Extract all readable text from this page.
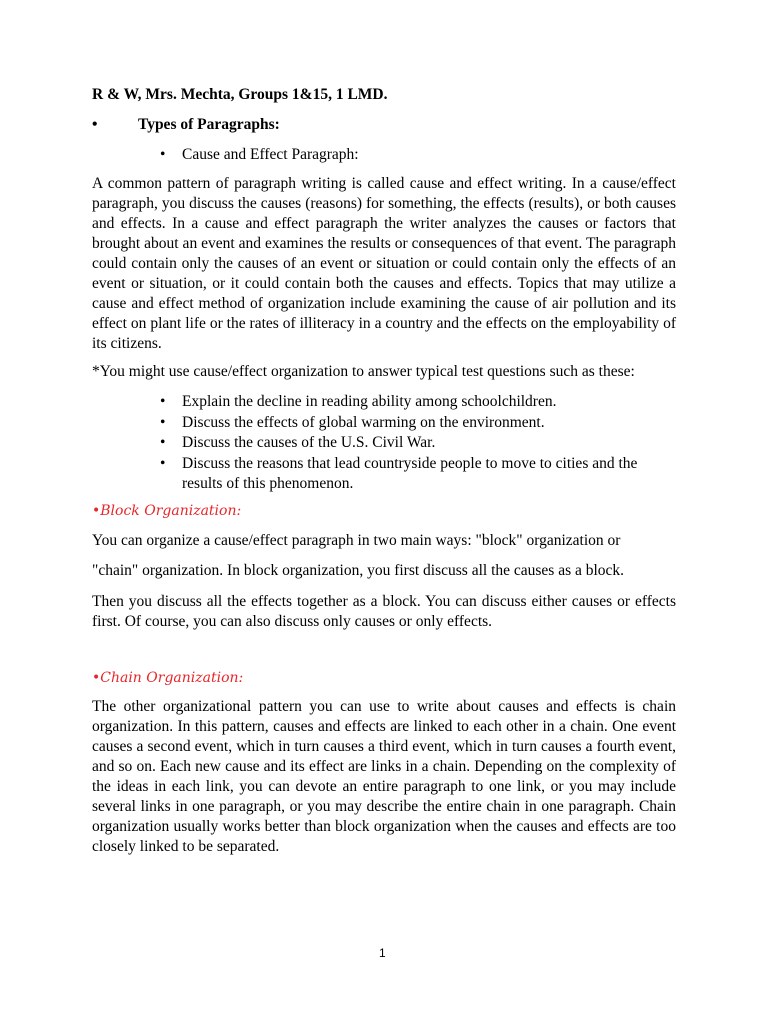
R & W, Mrs. Mechta, Groups 1&15, 1 LMD.
•	Types of Paragraphs:
• Cause and Effect Paragraph:

A common pattern of paragraph writing is called cause and effect writing. In a cause/effect paragraph, you discuss the causes (reasons) for something, the effects (results), or both causes and effects. In a cause and effect paragraph the writer analyzes the causes or factors that brought about an event and examines the results or consequences of that event. The paragraph could contain only the causes of an event or situation or could contain only the effects of an event or situation, or it could contain both the causes and effects. Topics that may utilize a cause and effect method of organization include examining the cause of air pollution and its effect on plant life or the rates of illiteracy in a country and the effects on the employability of its citizens.

*You might use cause/effect organization to answer typical test questions such as these:

•	Explain the decline in reading ability among schoolchildren.
•	Discuss the effects of global warming on the environment.
•	Discuss the causes of the U.S. Civil War.
•	Discuss the reasons that lead countryside people to move to cities and the results of this phenomenon.
•Block Organization:
You can organize a cause/effect paragraph in two main ways: "block" organization or
"chain" organization. In block organization, you first discuss all the causes as a block.

Then you discuss all the effects together as a block. You can discuss either causes or effects first. Of course, you can also discuss only causes or only effects.

•Chain Organization:

The other organizational pattern you can use to write about causes and effects is chain organization. In this pattern, causes and effects are linked to each other in a chain. One event causes a second event, which in turn causes a third event, which in turn causes a fourth event, and so on. Each new cause and its effect are links in a chain. Depending on the complexity of the ideas in each link, you can devote an entire paragraph to one link, or you may include several links in one paragraph, or you may describe the entire chain in one paragraph. Chain organization usually works better than block organization when the causes and effects are too closely linked to be separated.

1
